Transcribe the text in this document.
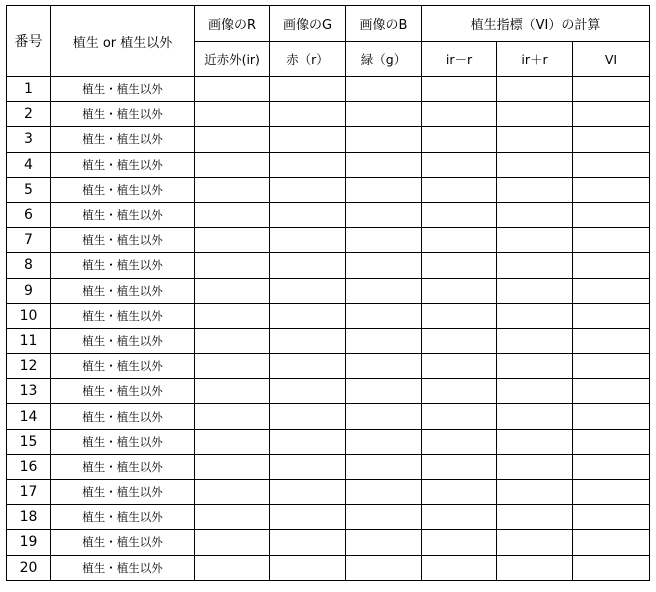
番号	植生 or 植生以外	画像のR	画像のG	画像のB	植生指標（VI）の計算		
		近赤外(ir)	赤（r）	緑（g）	ir－r	ir＋r	VI
1	植生・植生以外						
2	植生・植生以外						
3	植生・植生以外						
4	植生・植生以外						
5	植生・植生以外						
6	植生・植生以外						
7	植生・植生以外						
8	植生・植生以外						
9	植生・植生以外						
10	植生・植生以外						
11	植生・植生以外						
12	植生・植生以外						
13	植生・植生以外						
14	植生・植生以外						
15	植生・植生以外						
16	植生・植生以外						
17	植生・植生以外						
18	植生・植生以外						
19	植生・植生以外						
20	植生・植生以外						
